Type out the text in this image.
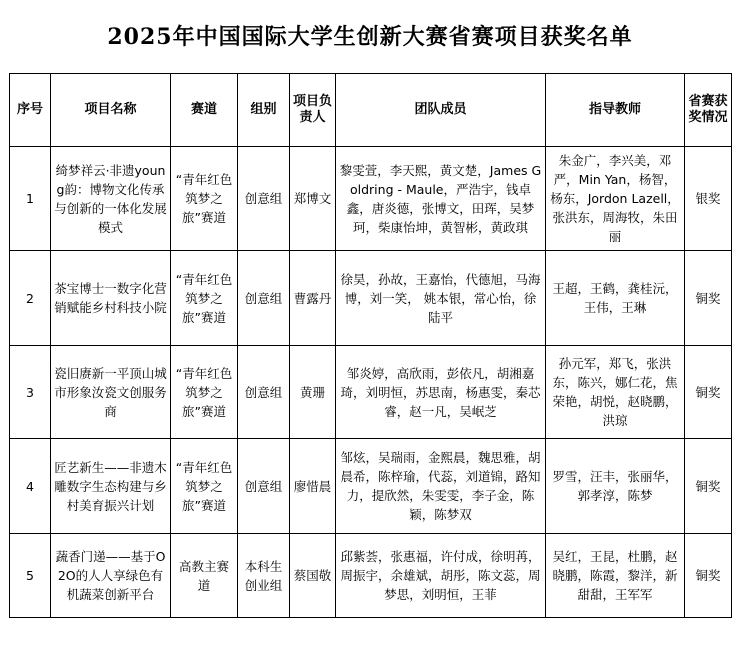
2025年中国国际大学生创新大赛省赛项目获奖名单
序号	项目名称	赛道	组别	项目负责人	团队成员	指导教师	省赛获奖情况
1	绮梦祥云·非遗young韵：博物文化传承与创新的一体化发展模式	“青年红色筑梦之旅”赛道	创意组	郑博文	黎雯萱，李天熙，黄文楚，James Goldring - Maule，严浩宇，钱卓鑫，唐炎德，张博文，田珲，吴梦珂，柴康怡坤，黄智彬，黄政琪	朱金广，李兴美，邓严，Min Yan，杨智，杨东，Jordon Lazell，张洪东，周海牧，朱田丽	银奖
2	茶宝博士一数字化营销赋能乡村科技小院	“青年红色筑梦之旅”赛道	创意组	曹露丹	徐昊，孙故，王嘉怡，代德旭，马海博，刘一笑， 姚本银，常心怡，徐陆平	王超，王鹤，龚桂沅，王伟，王琳	铜奖
3	瓷旧赓新一平顶山城市形象汝瓷文创服务商	“青年红色筑梦之旅”赛道	创意组	黄珊	邹炎婷，高欣雨，彭依凡，胡湘嘉琦，刘明恒，苏思南，杨惠雯，秦芯睿，赵一凡，吴岷芝	孙元军，郑飞，张洪东，陈兴，娜仁花，焦荣艳，胡悦，赵晓鹏，洪琼	铜奖
4	匠艺新生——非遗木雕数字生态构建与乡村美育振兴计划	“青年红色筑梦之旅”赛道	创意组	廖惜晨	邹炫，吴瑞雨，金熙晨，魏思雅，胡晨希，陈梓瑜，代蕊，刘道锦，路知力，提欣然，朱雯雯，李子金，陈颖，陈梦双	罗雪，汪丰，张丽华，郭孝淳，陈梦	铜奖
5	蔬香门递——基于O2O的人人享绿色有机蔬菜创新平台	高教主赛道	本科生创业组	蔡国敬	邱紫荟，张惠福，许付成，徐明苒，周振宇，余雄斌，胡彤，陈文蕊，周梦思，刘明恒，王菲	吴红，王昆，杜鹏，赵晓鹏，陈霞，黎洋，新甜甜，王军军	铜奖
